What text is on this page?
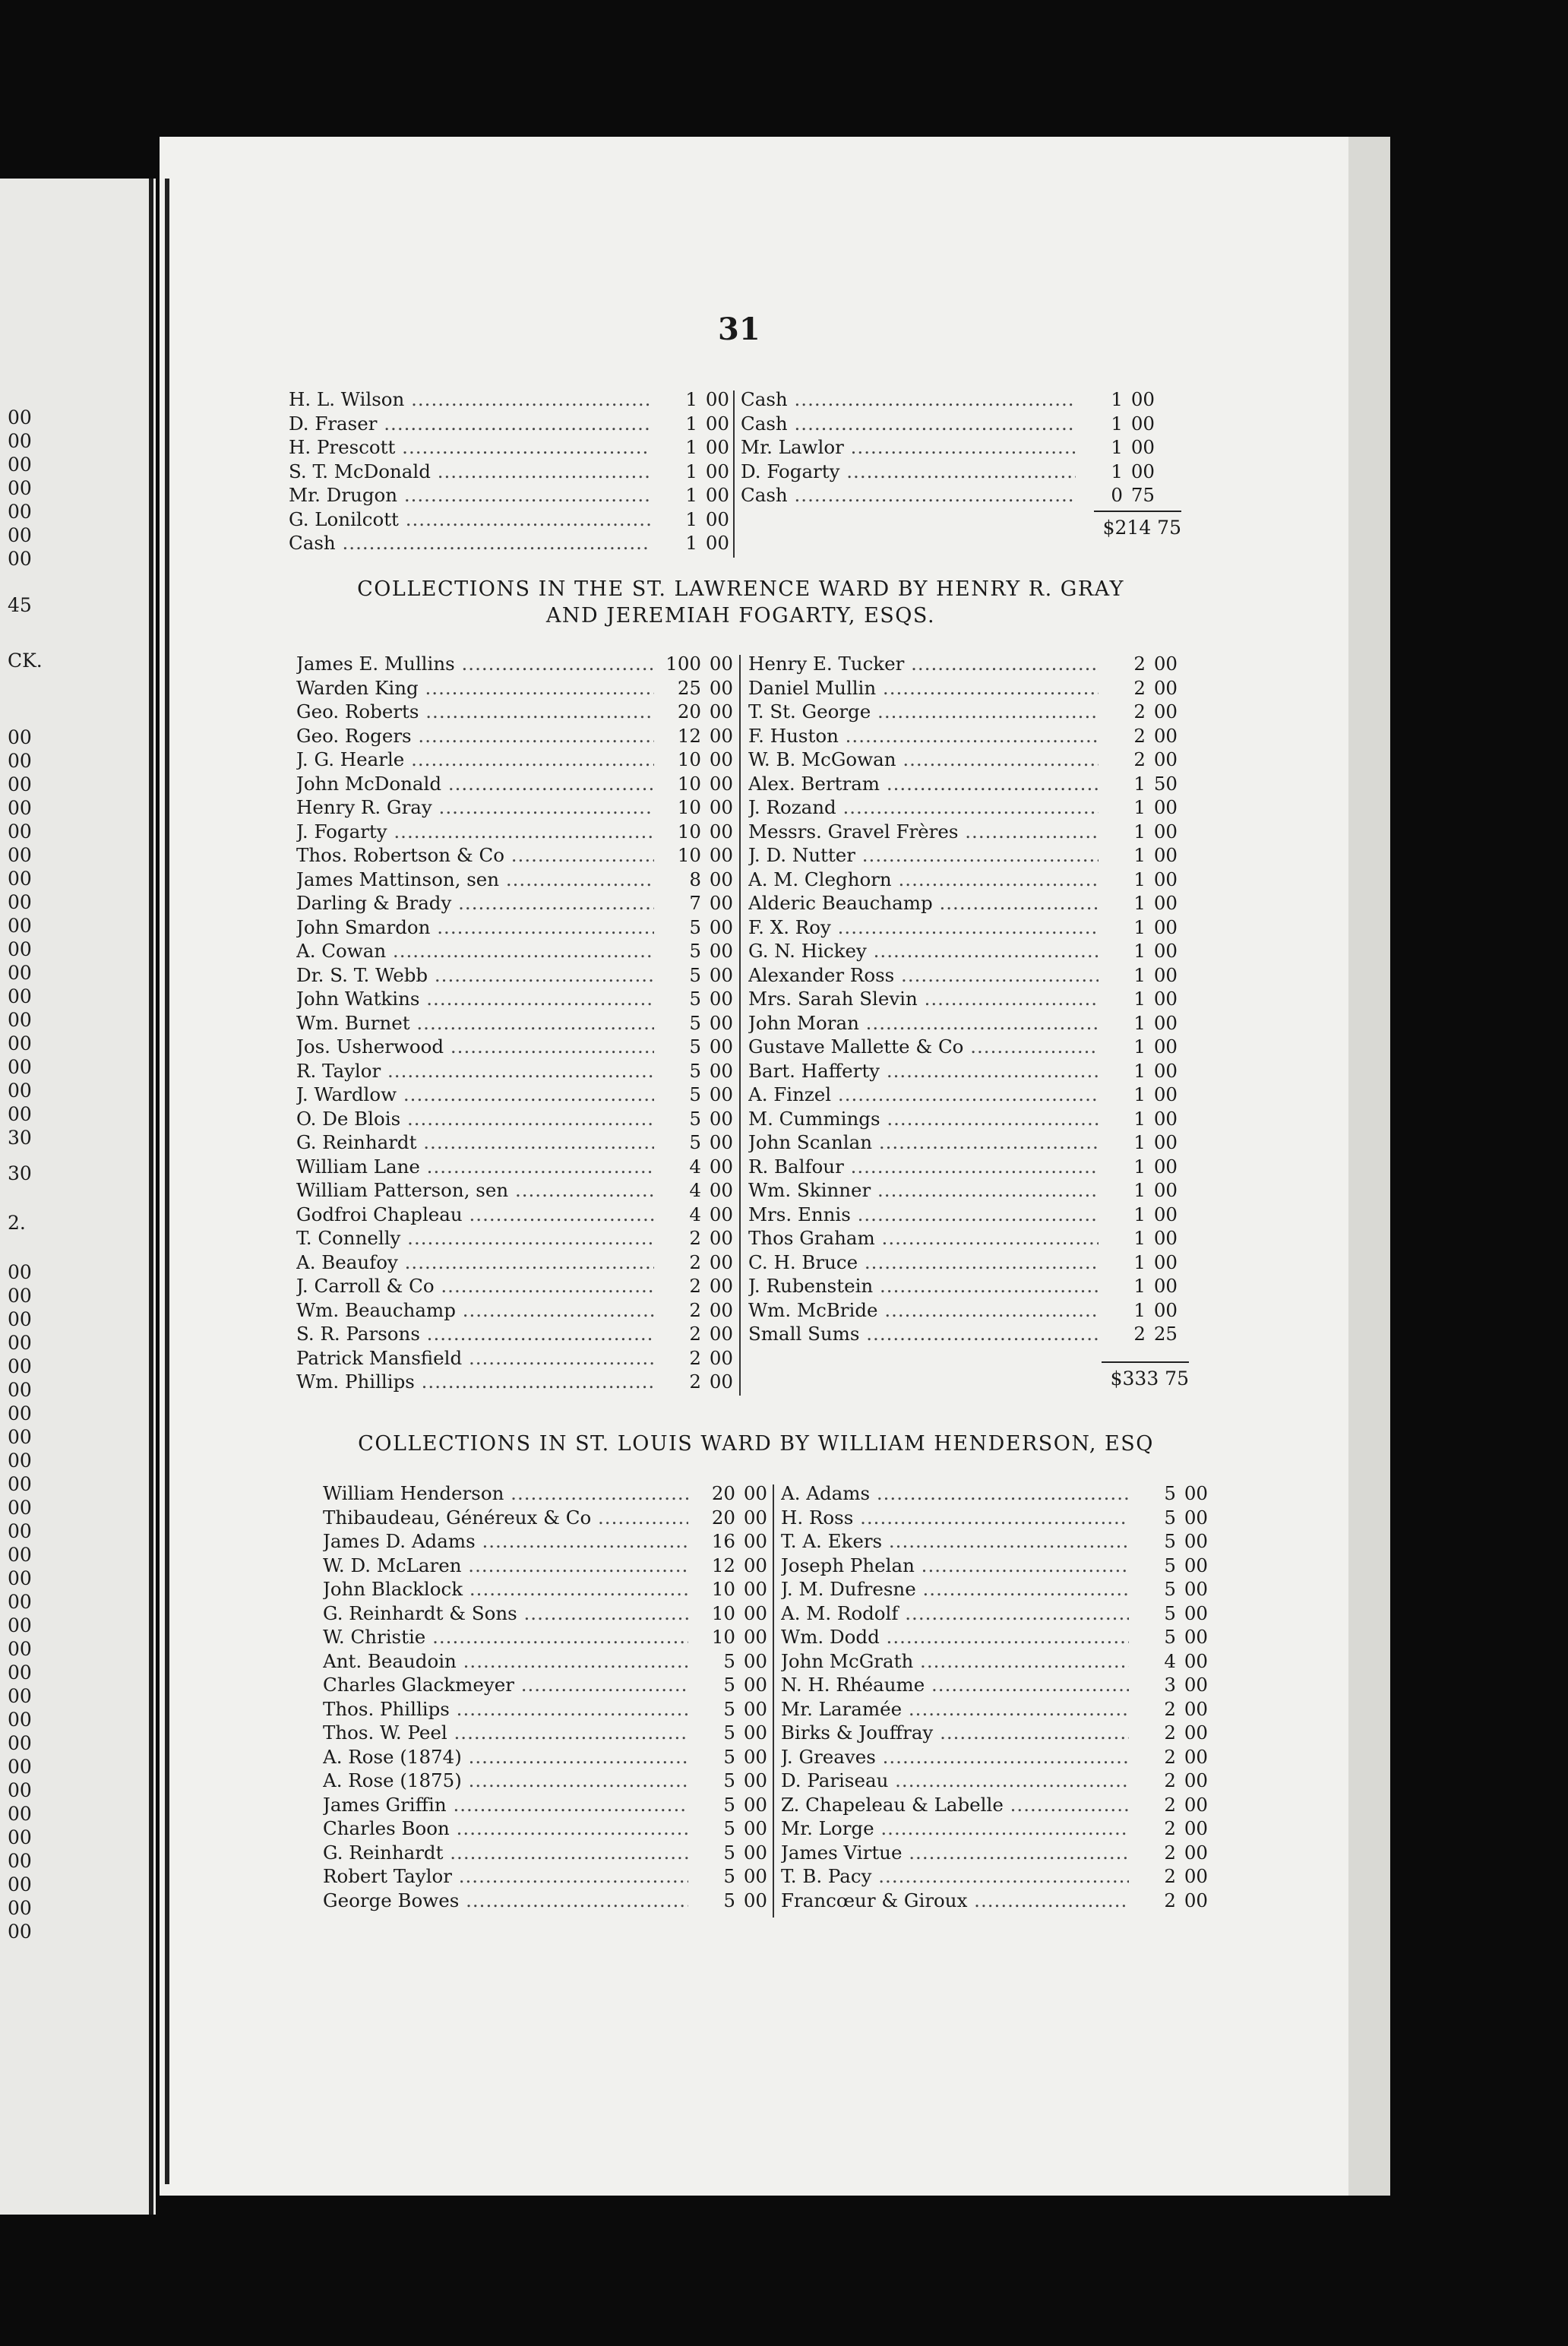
00
00
00
00
00
00
00
45
CK.
00
00
00
00
00
00
00
00
00
00
00
00
00
00
00
00
00
30
30
2.
00
00
00
00
00
00
00
00
00
00
00
00
00
00
00
00
00
00
00
00
00
00
00
00
00
00
00
00
00
31
H. L. Wilson .....	1 00
D. Fraser .....	1 00
H. Prescott .....	1 00
S. T. McDonald .....	1 00
Mr. Drugon .....	1 00
G. Lonilcott .....	1 00
Cash .....	1 00
Cash .....	1 00
Cash .....	1 00
Mr. Lawlor .....	1 00
D. Fogarty .....	1 00
Cash .....	0 75
$214 75
COLLECTIONS IN THE ST. LAWRENCE WARD BY HENRY R. GRAY
AND JEREMIAH FOGARTY, ESQS.
James E. Mullins .....	100 00
Warden King .....	25 00
Geo. Roberts .....	20 00
Geo. Rogers .....	12 00
J. G. Hearle .....	10 00
John McDonald .....	10 00
Henry R. Gray .....	10 00
J. Fogarty .....	10 00
Thos. Robertson & Co .....	10 00
James Mattinson, sen .....	8 00
Darling & Brady .....	7 00
John Smardon .....	5 00
A. Cowan .....	5 00
Dr. S. T. Webb .....	5 00
John Watkins .....	5 00
Wm. Burnet .....	5 00
Jos. Usherwood .....	5 00
R. Taylor .....	5 00
J. Wardlow .....	5 00
O. De Blois .....	5 00
G. Reinhardt .....	5 00
William Lane .....	4 00
William Patterson, sen .....	4 00
Godfroi Chapleau .....	4 00
T. Connelly .....	2 00
A. Beaufoy .....	2 00
J. Carroll & Co .....	2 00
Wm. Beauchamp .....	2 00
S. R. Parsons .....	2 00
Patrick Mansfield .....	2 00
Wm. Phillips .....	2 00
Henry E. Tucker .....	2 00
Daniel Mullin .....	2 00
T. St. George .....	2 00
F. Huston .....	2 00
W. B. McGowan .....	2 00
Alex. Bertram .....	1 50
J. Rozand .....	1 00
Messrs. Gravel Frères .....	1 00
J. D. Nutter .....	1 00
A. M. Cleghorn .....	1 00
Alderic Beauchamp .....	1 00
F. X. Roy .....	1 00
G. N. Hickey .....	1 00
Alexander Ross .....	1 00
Mrs. Sarah Slevin .....	1 00
John Moran .....	1 00
Gustave Mallette & Co .....	1 00
Bart. Hafferty .....	1 00
A. Finzel .....	1 00
M. Cummings .....	1 00
John Scanlan .....	1 00
R. Balfour .....	1 00
Wm. Skinner .....	1 00
Mrs. Ennis .....	1 00
Thos Graham .....	1 00
C. H. Bruce .....	1 00
J. Rubenstein .....	1 00
Wm. McBride .....	1 00
Small Sums .....	2 25
$333 75
COLLECTIONS IN ST. LOUIS WARD BY WILLIAM HENDERSON, ESQ
William Henderson .....	20 00
Thibaudeau, Généreux & Co .....	20 00
James D. Adams .....	16 00
W. D. McLaren .....	12 00
John Blacklock .....	10 00
G. Reinhardt & Sons .....	10 00
W. Christie .....	10 00
Ant. Beaudoin .....	5 00
Charles Glackmeyer .....	5 00
Thos. Phillips .....	5 00
Thos. W. Peel .....	5 00
A. Rose (1874) .....	5 00
A. Rose (1875) .....	5 00
James Griffin .....	5 00
Charles Boon .....	5 00
G. Reinhardt .....	5 00
Robert Taylor .....	5 00
George Bowes .....	5 00
A. Adams .....	5 00
H. Ross .....	5 00
T. A. Ekers .....	5 00
Joseph Phelan .....	5 00
J. M. Dufresne .....	5 00
A. M. Rodolf .....	5 00
Wm. Dodd .....	5 00
John McGrath .....	4 00
N. H. Rhéaume .....	3 00
Mr. Laramée .....	2 00
Birks & Jouffray .....	2 00
J. Greaves .....	2 00
D. Pariseau .....	2 00
Z. Chapeleau & Labelle .....	2 00
Mr. Lorge .....	2 00
James Virtue .....	2 00
T. B. Pacy .....	2 00
Francœur & Giroux .....	2 00
